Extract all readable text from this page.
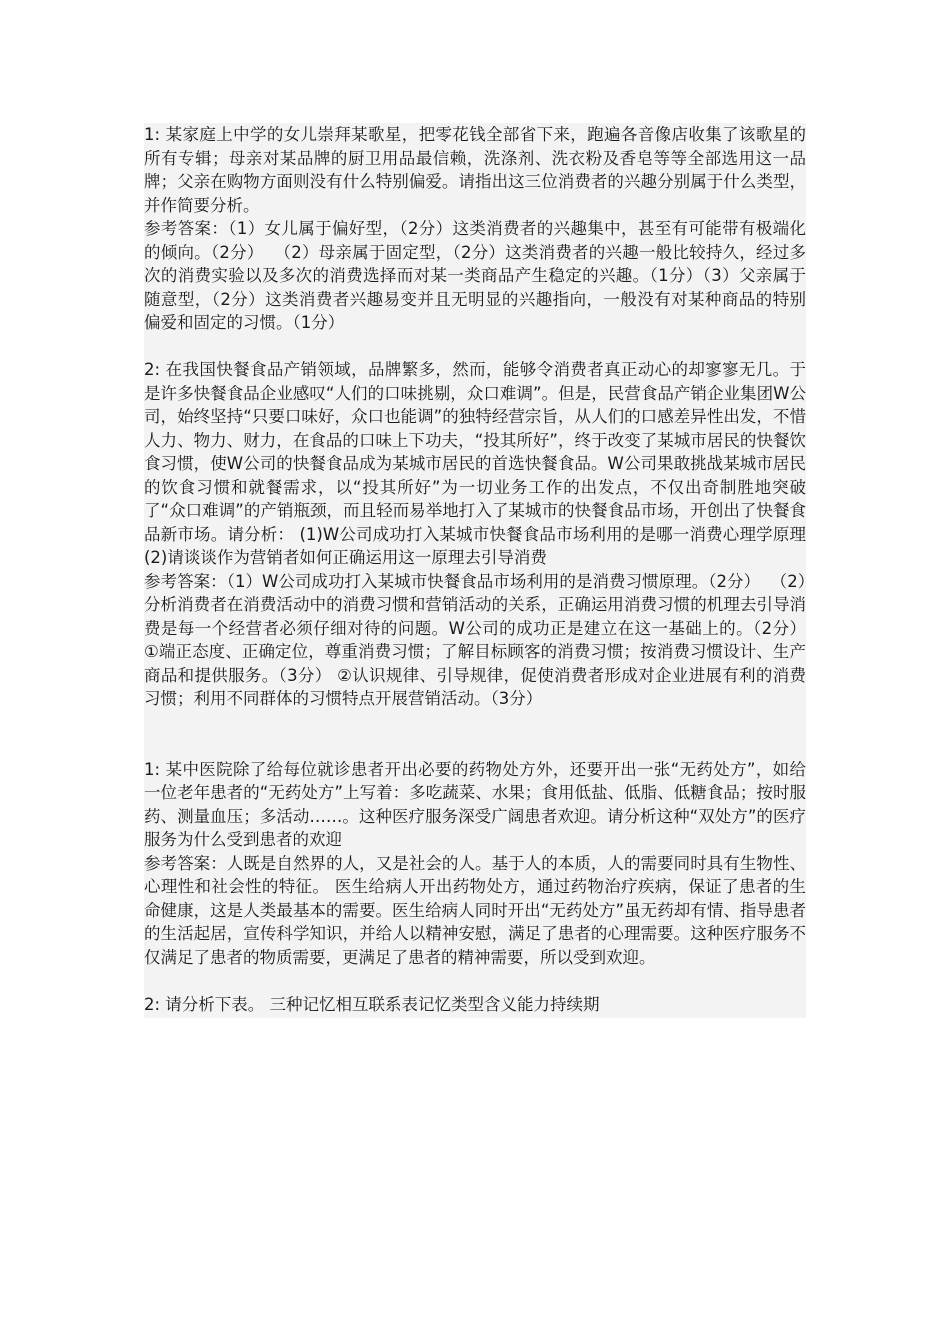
1: 某家庭上中学的女儿崇拜某歌星，把零花钱全部省下来，跑遍各音像店收集了该歌星的所有专辑；母亲对某品牌的厨卫用品最信赖，洗涤剂、洗衣粉及香皂等等全部选用这一品牌；父亲在购物方面则没有什么特别偏爱。请指出这三位消费者的兴趣分别属于什么类型，并作简要分析。

参考答案：（1）女儿属于偏好型，（2分）这类消费者的兴趣集中，甚至有可能带有极端化的倾向。（2分）  （2）母亲属于固定型，（2分）这类消费者的兴趣一般比较持久，经过多次的消费实验以及多次的消费选择而对某一类商品产生稳定的兴趣。（1分）（3）父亲属于随意型，（2分）这类消费者兴趣易变并且无明显的兴趣指向，一般没有对某种商品的特别偏爱和固定的习惯。（1分）

2: 在我国快餐食品产销领域，品牌繁多，然而，能够令消费者真正动心的却寥寥无几。于是许多快餐食品企业感叹“人们的口味挑剔，众口难调”。但是，民营食品产销企业集团W公司，始终坚持“只要口味好，众口也能调”的独特经营宗旨，从人们的口感差异性出发，不惜人力、物力、财力，在食品的口味上下功夫，“投其所好”，终于改变了某城市居民的快餐饮食习惯，使W公司的快餐食品成为某城市居民的首选快餐食品。W公司果敢挑战某城市居民的饮食习惯和就餐需求，以“投其所好”为一切业务工作的出发点，不仅出奇制胜地突破了“众口难调”的产销瓶颈，而且轻而易举地打入了某城市的快餐食品市场，开创出了快餐食品新市场。请分析： (1)W公司成功打入某城市快餐食品市场利用的是哪一消费心理学原理 (2)请谈谈作为营销者如何正确运用这一原理去引导消费

参考答案：（1）W公司成功打入某城市快餐食品市场利用的是消费习惯原理。（2分）  （2）分析消费者在消费活动中的消费习惯和营销活动的关系，正确运用消费习惯的机理去引导消费是每一个经营者必须仔细对待的问题。W公司的成功正是建立在这一基础上的。（2分） ①端正态度、正确定位，尊重消费习惯；了解目标顾客的消费习惯；按消费习惯设计、生产商品和提供服务。（3分） ②认识规律、引导规律，促使消费者形成对企业进展有利的消费习惯；利用不同群体的习惯特点开展营销活动。（3分）

1: 某中医院除了给每位就诊患者开出必要的药物处方外，还要开出一张“无药处方”，如给一位老年患者的“无药处方”上写着：多吃蔬菜、水果；食用低盐、低脂、低糖食品；按时服药、测量血压；多活动……。这种医疗服务深受广阔患者欢迎。请分析这种“双处方”的医疗服务为什么受到患者的欢迎

参考答案：人既是自然界的人，又是社会的人。基于人的本质，人的需要同时具有生物性、心理性和社会性的特征。 医生给病人开出药物处方，通过药物治疗疾病，保证了患者的生命健康，这是人类最基本的需要。医生给病人同时开出“无药处方”虽无药却有情、指导患者的生活起居，宣传科学知识，并给人以精神安慰，满足了患者的心理需要。这种医疗服务不仅满足了患者的物质需要，更满足了患者的精神需要，所以受到欢迎。

2: 请分析下表。 三种记忆相互联系表记忆类型含义能力持续期
